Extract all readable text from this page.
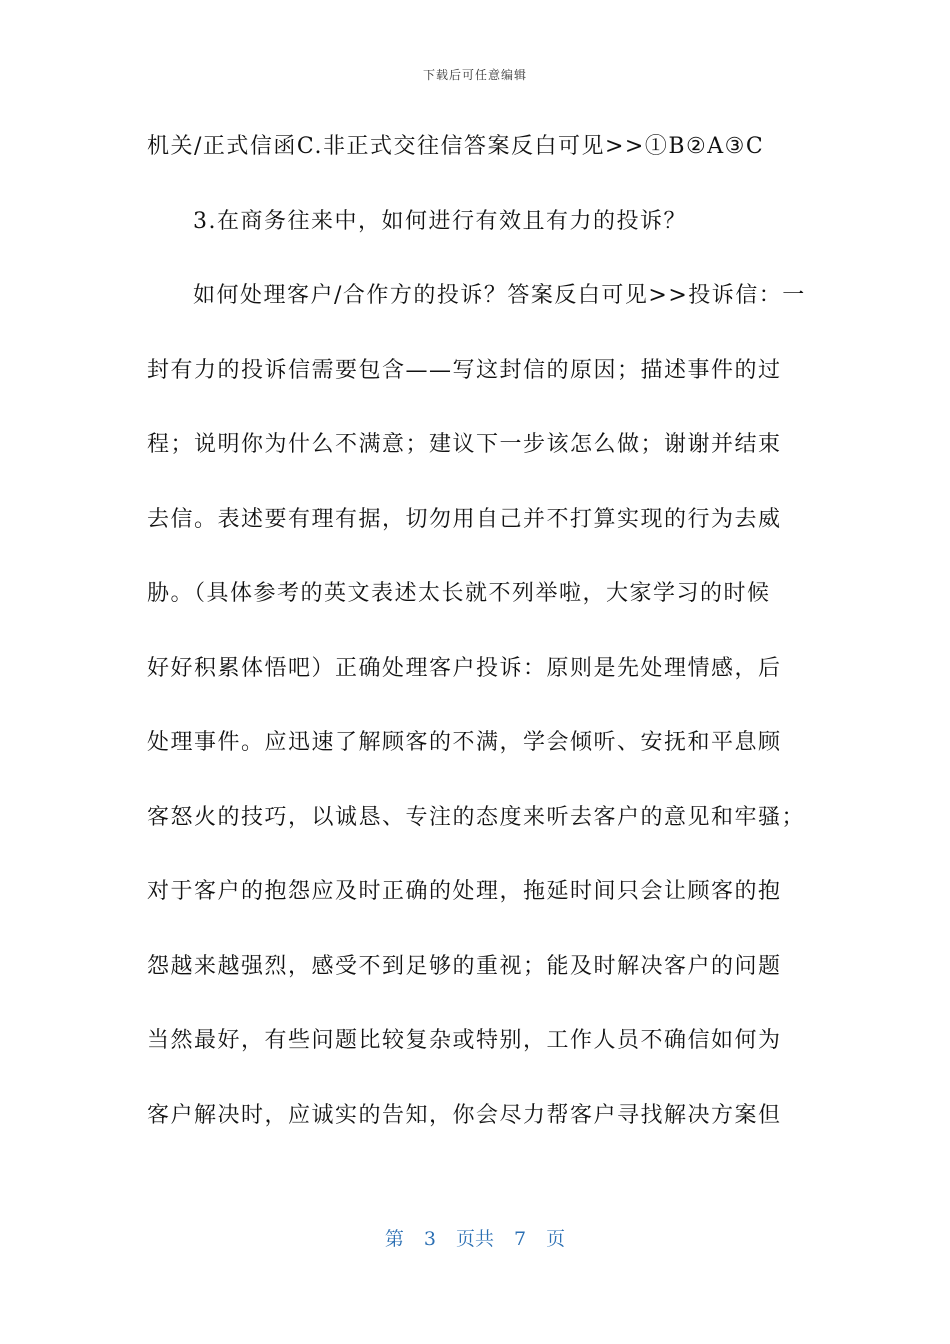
下载后可任意编辑
机关/正式信函C.非正式交往信答案反白可见>>①B②A③C
3.在商务往来中，如何进行有效且有力的投诉？
如何处理客户/合作方的投诉？答案反白可见>>投诉信：一
封有力的投诉信需要包含——写这封信的原因；描述事件的过
程；说明你为什么不满意；建议下一步该怎么做；谢谢并结束
去信。表述要有理有据，切勿用自己并不打算实现的行为去威
胁。（具体参考的英文表述太长就不列举啦，大家学习的时候
好好积累体悟吧）正确处理客户投诉：原则是先处理情感，后
处理事件。应迅速了解顾客的不满，学会倾听、安抚和平息顾
客怒火的技巧，以诚恳、专注的态度来听去客户的意见和牢骚；
对于客户的抱怨应及时正确的处理，拖延时间只会让顾客的抱
怨越来越强烈，感受不到足够的重视；能及时解决客户的问题
当然最好，有些问题比较复杂或特别，工作人员不确信如何为
客户解决时，应诚实的告知，你会尽力帮客户寻找解决方案但
第 3 页共 7 页
